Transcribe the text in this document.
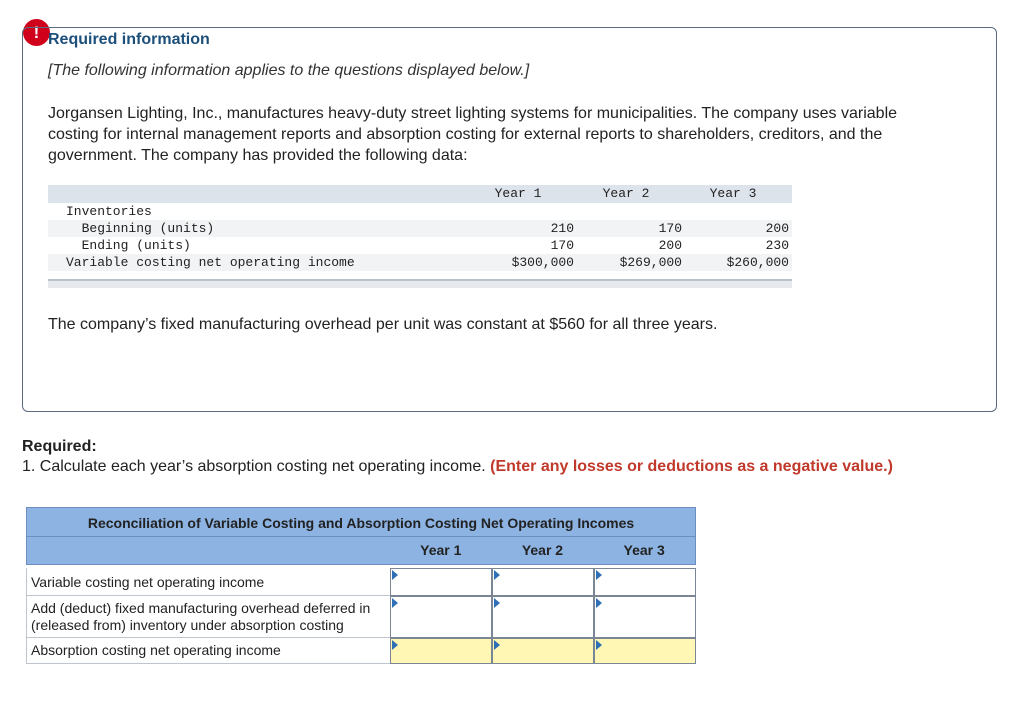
! Required information
[The following information applies to the questions displayed below.]
Jorgansen Lighting, Inc., manufactures heavy-duty street lighting systems for municipalities. The company uses variable costing for internal management reports and absorption costing for external reports to shareholders, creditors, and the government. The company has provided the following data:
Year 1	Year 2	Year 3
Inventories
Beginning (units)	210	170	200
Ending (units)	170	200	230
Variable costing net operating income	$300,000	$269,000	$260,000
The company’s fixed manufacturing overhead per unit was constant at $560 for all three years.
Required:
1. Calculate each year’s absorption costing net operating income. (Enter any losses or deductions as a negative value.)
Reconciliation of Variable Costing and Absorption Costing Net Operating Incomes
Year 1	Year 2	Year 3
Variable costing net operating income
Add (deduct) fixed manufacturing overhead deferred in (released from) inventory under absorption costing
Absorption costing net operating income
